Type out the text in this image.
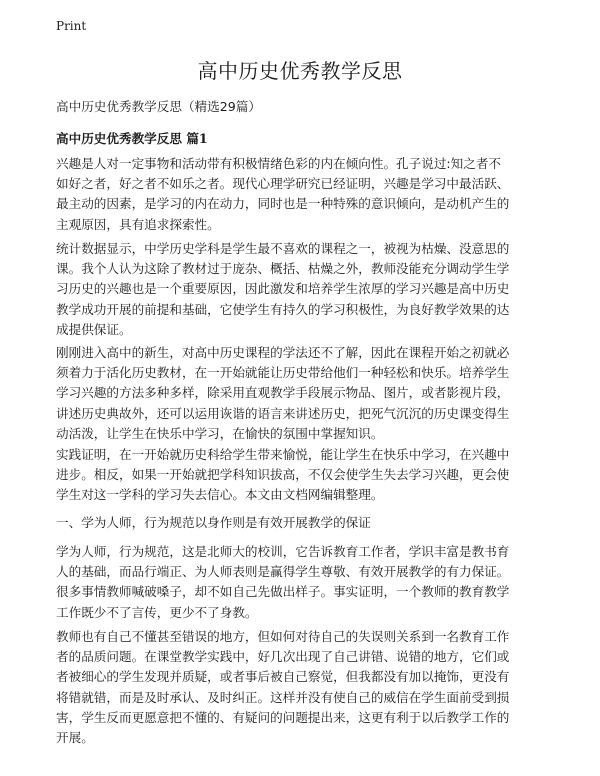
Print
高中历史优秀教学反思
高中历史优秀教学反思（精选29篇）
高中历史优秀教学反思 篇1
兴趣是人对一定事物和活动带有积极情绪色彩的内在倾向性。孔子说过:知之者不
如好之者，好之者不如乐之者。现代心理学研究已经证明，兴趣是学习中最活跃、
最主动的因素，是学习的内在动力，同时也是一种特殊的意识倾向，是动机产生的
主观原因，具有追求探索性。
统计数据显示，中学历史学科是学生最不喜欢的课程之一，被视为枯燥、没意思的
课。我个人认为这除了教材过于庞杂、概括、枯燥之外，教师没能充分调动学生学
习历史的兴趣也是一个重要原因，因此激发和培养学生浓厚的学习兴趣是高中历史
教学成功开展的前提和基础，它使学生有持久的学习积极性，为良好教学效果的达
成提供保证。
刚刚进入高中的新生，对高中历史课程的学法还不了解，因此在课程开始之初就必
须着力于活化历史教材，在一开始就能让历史带给他们一种轻松和快乐。培养学生
学习兴趣的方法多种多样，除采用直观教学手段展示物品、图片，或者影视片段，
讲述历史典故外，还可以运用诙谐的语言来讲述历史，把死气沉沉的历史课变得生
动活泼，让学生在快乐中学习，在愉快的氛围中掌握知识。
实践证明，在一开始就历史科给学生带来愉悦，能让学生在快乐中学习，在兴趣中
进步。相反，如果一开始就把学科知识拔高，不仅会使学生失去学习兴趣，更会使
学生对这一学科的学习失去信心。本文由文档网编辑整理。
一、学为人师，行为规范以身作则是有效开展教学的保证
学为人师，行为规范，这是北师大的校训，它告诉教育工作者，学识丰富是教书育
人的基础，而品行端正、为人师表则是赢得学生尊敬、有效开展教学的有力保证。
很多事情教师喊破嗓子，却不如自己先做出样子。事实证明，一个教师的教育教学
工作既少不了言传，更少不了身教。
教师也有自己不懂甚至错误的地方，但如何对待自己的失误则关系到一名教育工作
者的品质问题。在课堂教学实践中，好几次出现了自己讲错、说错的地方，它们或
者被细心的学生发现并质疑，或者事后被自己察觉，但我都没有加以掩饰，更没有
将错就错，而是及时承认、及时纠正。这样并没有使自己的威信在学生面前受到损
害，学生反而更愿意把不懂的、有疑问的问题提出来，这更有利于以后教学工作的
开展。
